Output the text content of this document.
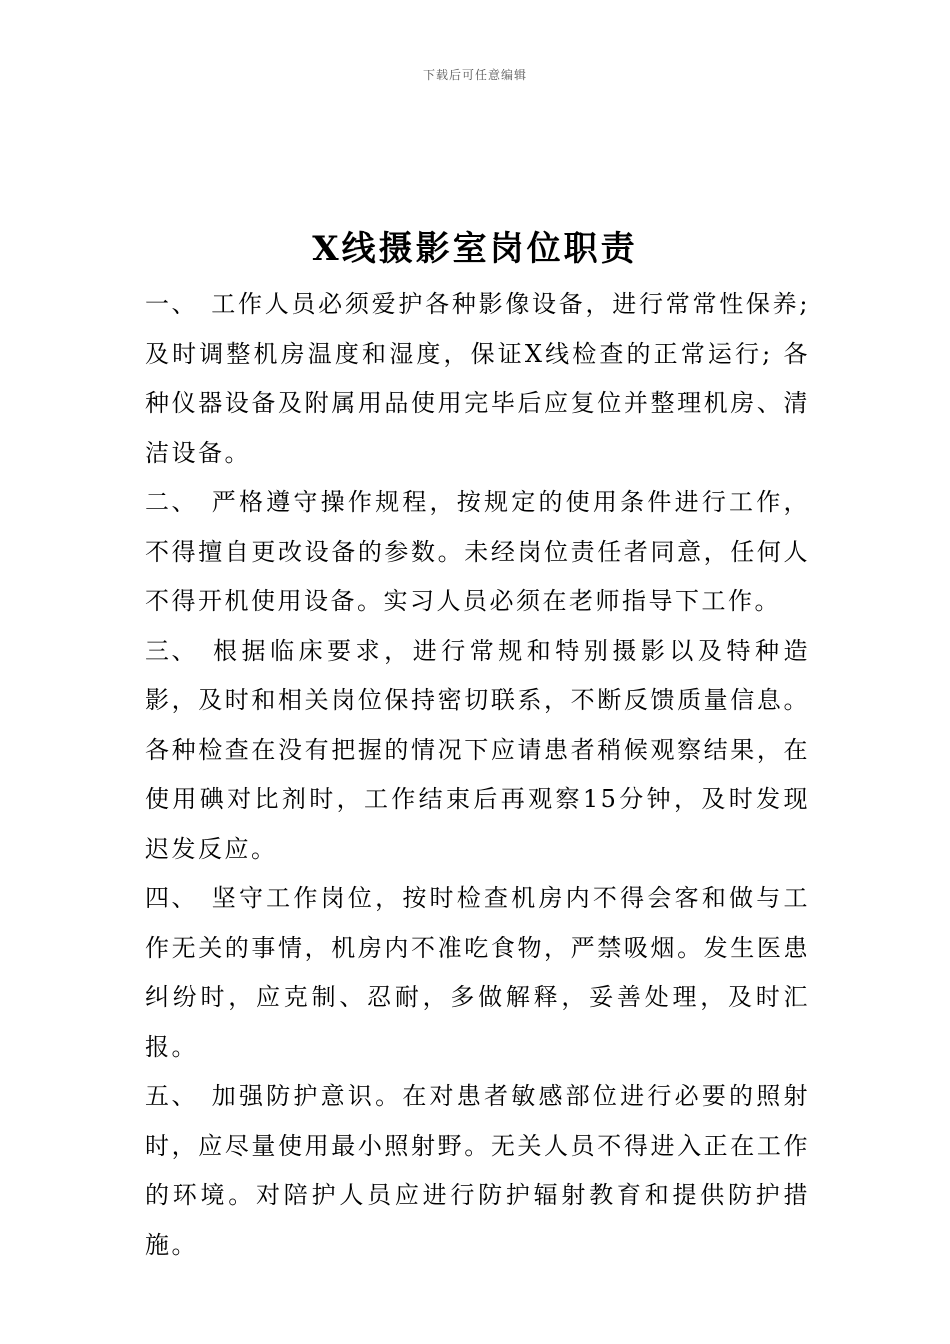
下载后可任意编辑
X线摄影室岗位职责

一、 工作人员必须爱护各种影像设备，进行常常性保养;及时调整机房温度和湿度，保证X线检查的正常运行; 各种仪器设备及附属用品使用完毕后应复位并整理机房、清洁设备。

二、 严格遵守操作规程，按规定的使用条件进行工作，不得擅自更改设备的参数。未经岗位责任者同意，任何人不得开机使用设备。实习人员必须在老师指导下工作。

三、 根据临床要求，进行常规和特别摄影以及特种造影，及时和相关岗位保持密切联系，不断反馈质量信息。各种检查在没有把握的情况下应请患者稍候观察结果，在使用碘对比剂时，工作结束后再观察15分钟，及时发现迟发反应。

四、 坚守工作岗位，按时检查机房内不得会客和做与工作无关的事情，机房内不准吃食物，严禁吸烟。发生医患纠纷时，应克制、忍耐，多做解释，妥善处理，及时汇报。

五、 加强防护意识。在对患者敏感部位进行必要的照射时，应尽量使用最小照射野。无关人员不得进入正在工作的环境。对陪护人员应进行防护辐射教育和提供防护措施。
